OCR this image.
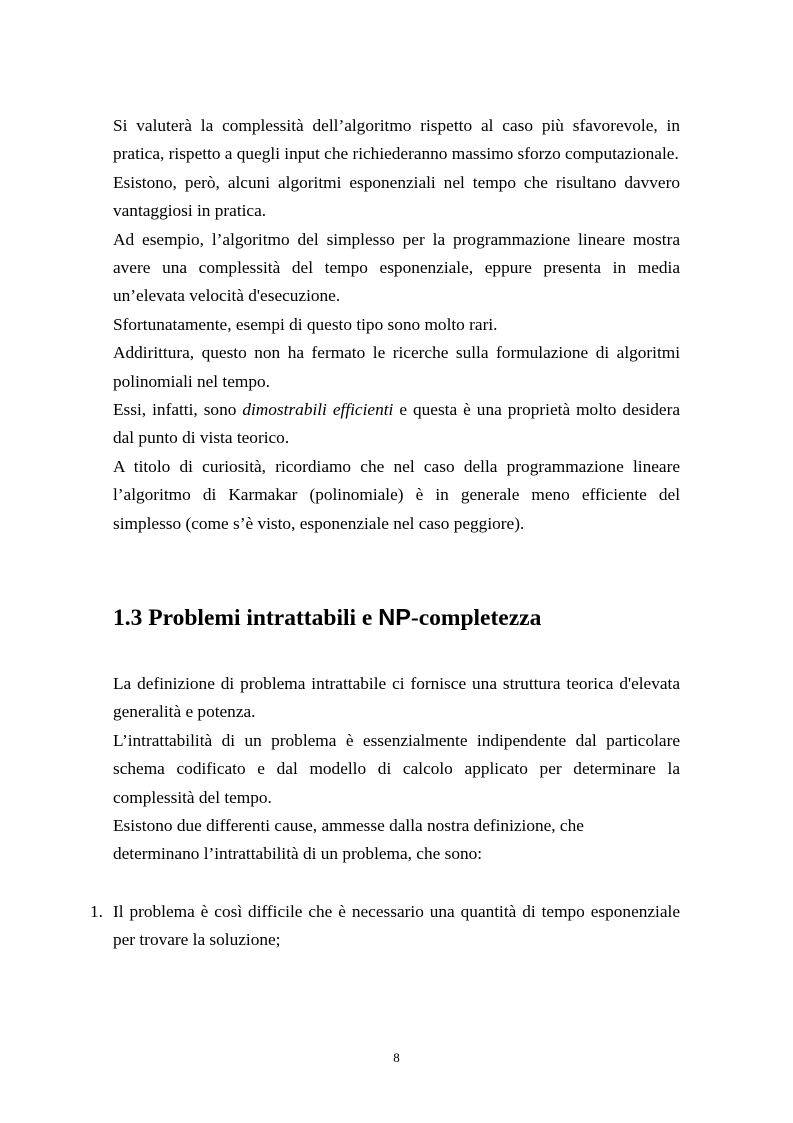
Si valuterà la complessità dell’algoritmo rispetto al caso più sfavorevole, in pratica, rispetto a quegli input che richiederanno massimo sforzo computazionale.

Esistono, però, alcuni algoritmi esponenziali nel tempo che risultano davvero vantaggiosi in pratica.

Ad esempio, l’algoritmo del simplesso per la programmazione lineare mostra avere una complessità del tempo esponenziale, eppure presenta in media un’elevata velocità d'esecuzione.

Sfortunatamente, esempi di questo tipo sono molto rari.

Addirittura, questo non ha fermato le ricerche sulla formulazione di algoritmi polinomiali nel tempo.

Essi, infatti, sono dimostrabili efficienti e questa è una proprietà molto desidera dal punto di vista teorico.

A titolo di curiosità, ricordiamo che nel caso della programmazione lineare l’algoritmo di Karmakar (polinomiale) è in generale meno efficiente del simplesso (come s’è visto, esponenziale nel caso peggiore).

1.3 Problemi intrattabili e NP-completezza

La definizione di problema intrattabile ci fornisce una struttura teorica d'elevata generalità e potenza.

L’intrattabilità di un problema è essenzialmente indipendente dal particolare schema codificato e dal modello di calcolo applicato per determinare la complessità del tempo.

Esistono due differenti cause, ammesse dalla nostra definizione, che
determinano l’intrattabilità di un problema, che sono:

1. Il problema è così difficile che è necessario una quantità di tempo esponenziale per trovare la soluzione;
8
